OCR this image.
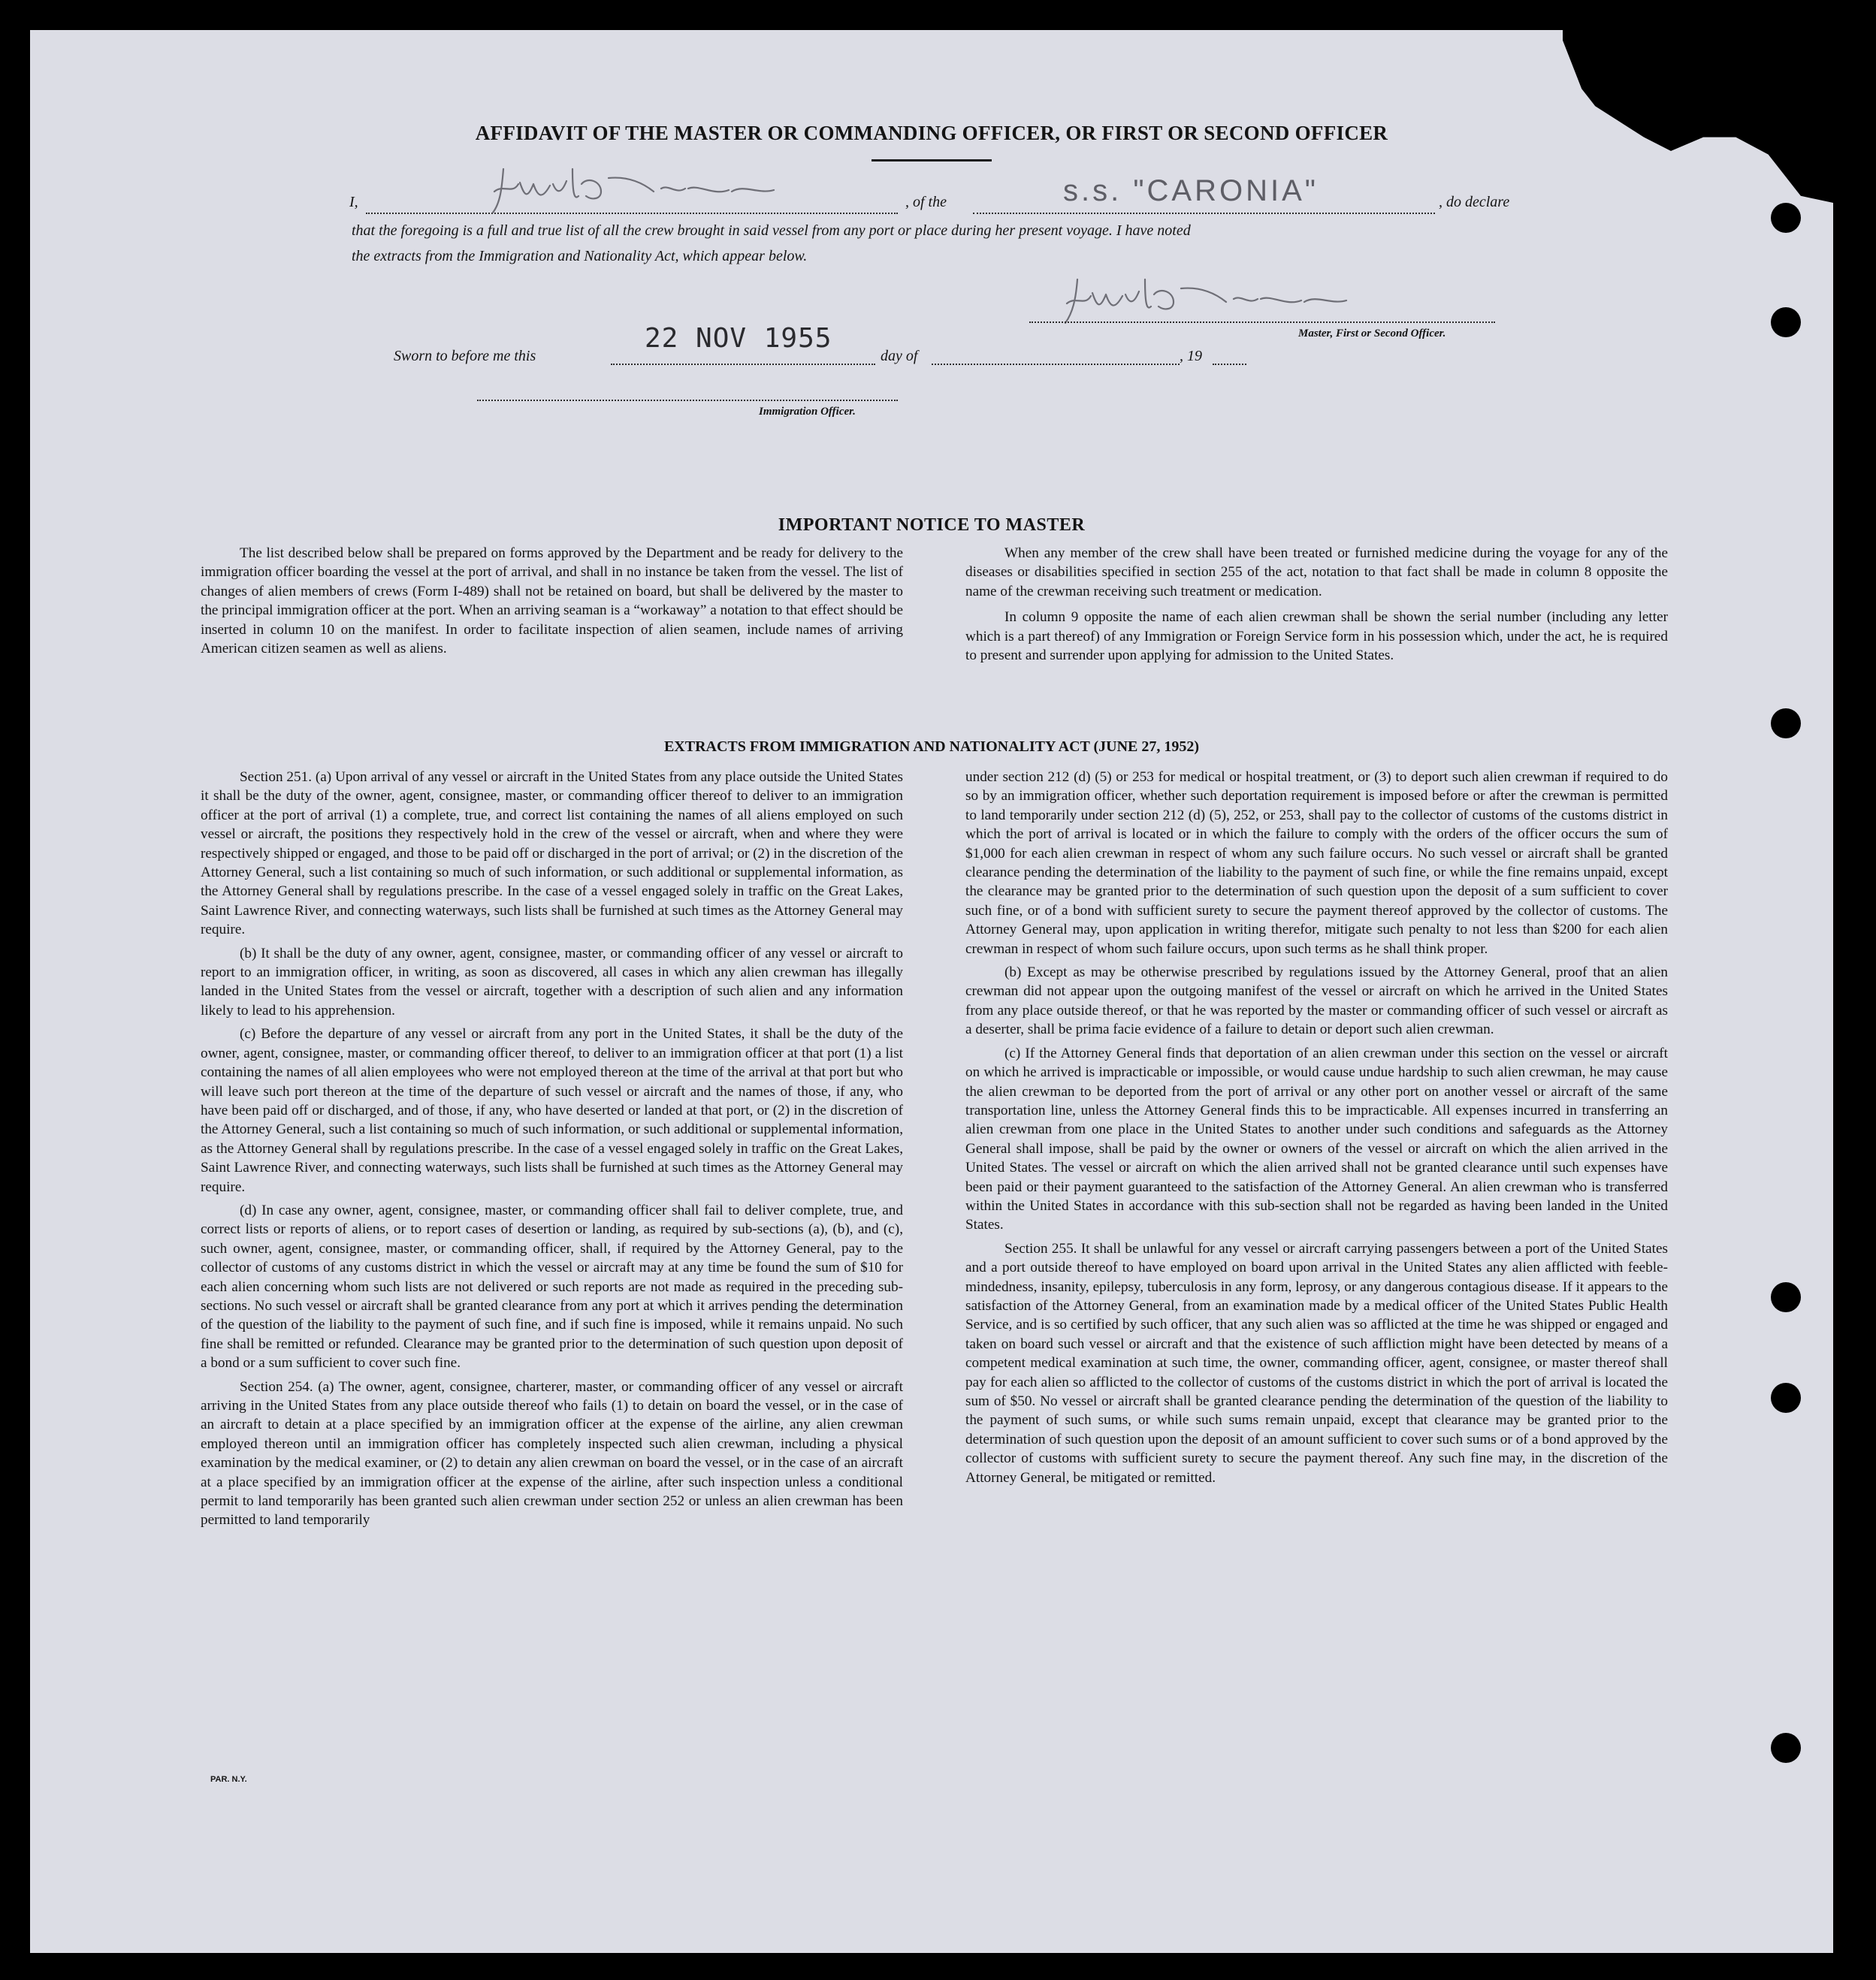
AFFIDAVIT OF THE MASTER OR COMMANDING OFFICER, OR FIRST OR SECOND OFFICER
I,	, of the	s.s. "CARONIA"	, do declare
that the foregoing is a full and true list of all the crew brought in said vessel from any port or place during her present voyage. I have noted
the extracts from the Immigration and Nationality Act, which appear below.
Master, First or Second Officer.
22 NOV 1955
Sworn to before me this	day of	, 19
Immigration Officer.
IMPORTANT NOTICE TO MASTER

The list described below shall be prepared on forms approved by the Department and be ready for delivery to the immigration officer boarding the vessel at the port of arrival, and shall in no instance be taken from the vessel. The list of changes of alien members of crews (Form I-489) shall not be retained on board, but shall be delivered by the master to the principal immigration officer at the port. When an arriving seaman is a “workaway” a notation to that effect should be inserted in column 10 on the manifest. In order to facilitate inspection of alien seamen, include names of arriving American citizen seamen as well as aliens.

When any member of the crew shall have been treated or furnished medicine during the voyage for any of the diseases or disabilities specified in section 255 of the act, notation to that fact shall be made in column 8 opposite the name of the crewman receiving such treatment or medication.

In column 9 opposite the name of each alien crewman shall be shown the serial number (including any letter which is a part thereof) of any Immigration or Foreign Service form in his possession which, under the act, he is required to present and surrender upon applying for admission to the United States.

EXTRACTS FROM IMMIGRATION AND NATIONALITY ACT (JUNE 27, 1952)

Section 251. (a) Upon arrival of any vessel or aircraft in the United States from any place outside the United States it shall be the duty of the owner, agent, consignee, master, or commanding officer thereof to deliver to an immigration officer at the port of arrival (1) a complete, true, and correct list containing the names of all aliens employed on such vessel or aircraft, the positions they respectively hold in the crew of the vessel or aircraft, when and where they were respectively shipped or engaged, and those to be paid off or discharged in the port of arrival; or (2) in the discretion of the Attorney General, such a list containing so much of such information, or such additional or supplemental information, as the Attorney General shall by regulations prescribe. In the case of a vessel engaged solely in traffic on the Great Lakes, Saint Lawrence River, and connecting waterways, such lists shall be furnished at such times as the Attorney General may require.

(b) It shall be the duty of any owner, agent, consignee, master, or commanding officer of any vessel or aircraft to report to an immigration officer, in writing, as soon as discovered, all cases in which any alien crewman has illegally landed in the United States from the vessel or aircraft, together with a description of such alien and any information likely to lead to his apprehension.

(c) Before the departure of any vessel or aircraft from any port in the United States, it shall be the duty of the owner, agent, consignee, master, or commanding officer thereof, to deliver to an immigration officer at that port (1) a list containing the names of all alien employees who were not employed thereon at the time of the arrival at that port but who will leave such port thereon at the time of the departure of such vessel or aircraft and the names of those, if any, who have been paid off or discharged, and of those, if any, who have deserted or landed at that port, or (2) in the discretion of the Attorney General, such a list containing so much of such information, or such additional or supplemental information, as the Attorney General shall by regulations prescribe. In the case of a vessel engaged solely in traffic on the Great Lakes, Saint Lawrence River, and connecting waterways, such lists shall be furnished at such times as the Attorney General may require.

(d) In case any owner, agent, consignee, master, or commanding officer shall fail to deliver complete, true, and correct lists or reports of aliens, or to report cases of desertion or landing, as required by sub-sections (a), (b), and (c), such owner, agent, consignee, master, or commanding officer, shall, if required by the Attorney General, pay to the collector of customs of any customs district in which the vessel or aircraft may at any time be found the sum of $10 for each alien concerning whom such lists are not delivered or such reports are not made as required in the preceding sub-sections. No such vessel or aircraft shall be granted clearance from any port at which it arrives pending the determination of the question of the liability to the payment of such fine, and if such fine is imposed, while it remains unpaid. No such fine shall be remitted or refunded. Clearance may be granted prior to the determination of such question upon deposit of a bond or a sum sufficient to cover such fine.

Section 254. (a) The owner, agent, consignee, charterer, master, or commanding officer of any vessel or aircraft arriving in the United States from any place outside thereof who fails (1) to detain on board the vessel, or in the case of an aircraft to detain at a place specified by an immigration officer at the expense of the airline, any alien crewman employed thereon until an immigration officer has completely inspected such alien crewman, including a physical examination by the medical examiner, or (2) to detain any alien crewman on board the vessel, or in the case of an aircraft at a place specified by an immigration officer at the expense of the airline, after such inspection unless a conditional permit to land temporarily has been granted such alien crewman under section 252 or unless an alien crewman has been permitted to land temporarily

under section 212 (d) (5) or 253 for medical or hospital treatment, or (3) to deport such alien crewman if required to do so by an immigration officer, whether such deportation requirement is imposed before or after the crewman is permitted to land temporarily under section 212 (d) (5), 252, or 253, shall pay to the collector of customs of the customs district in which the port of arrival is located or in which the failure to comply with the orders of the officer occurs the sum of $1,000 for each alien crewman in respect of whom any such failure occurs. No such vessel or aircraft shall be granted clearance pending the determination of the liability to the payment of such fine, or while the fine remains unpaid, except the clearance may be granted prior to the determination of such question upon the deposit of a sum sufficient to cover such fine, or of a bond with sufficient surety to secure the payment thereof approved by the collector of customs. The Attorney General may, upon application in writing therefor, mitigate such penalty to not less than $200 for each alien crewman in respect of whom such failure occurs, upon such terms as he shall think proper.

(b) Except as may be otherwise prescribed by regulations issued by the Attorney General, proof that an alien crewman did not appear upon the outgoing manifest of the vessel or aircraft on which he arrived in the United States from any place outside thereof, or that he was reported by the master or commanding officer of such vessel or aircraft as a deserter, shall be prima facie evidence of a failure to detain or deport such alien crewman.

(c) If the Attorney General finds that deportation of an alien crewman under this section on the vessel or aircraft on which he arrived is impracticable or impossible, or would cause undue hardship to such alien crewman, he may cause the alien crewman to be deported from the port of arrival or any other port on another vessel or aircraft of the same transportation line, unless the Attorney General finds this to be impracticable. All expenses incurred in transferring an alien crewman from one place in the United States to another under such conditions and safeguards as the Attorney General shall impose, shall be paid by the owner or owners of the vessel or aircraft on which the alien arrived in the United States. The vessel or aircraft on which the alien arrived shall not be granted clearance until such expenses have been paid or their payment guaranteed to the satisfaction of the Attorney General. An alien crewman who is transferred within the United States in accordance with this sub-section shall not be regarded as having been landed in the United States.

Section 255. It shall be unlawful for any vessel or aircraft carrying passengers between a port of the United States and a port outside thereof to have employed on board upon arrival in the United States any alien afflicted with feeble-mindedness, insanity, epilepsy, tuberculosis in any form, leprosy, or any dangerous contagious disease. If it appears to the satisfaction of the Attorney General, from an examination made by a medical officer of the United States Public Health Service, and is so certified by such officer, that any such alien was so afflicted at the time he was shipped or engaged and taken on board such vessel or aircraft and that the existence of such affliction might have been detected by means of a competent medical examination at such time, the owner, commanding officer, agent, consignee, or master thereof shall pay for each alien so afflicted to the collector of customs of the customs district in which the port of arrival is located the sum of $50. No vessel or aircraft shall be granted clearance pending the determination of the question of the liability to the payment of such sums, or while such sums remain unpaid, except that clearance may be granted prior to the determination of such question upon the deposit of an amount sufficient to cover such sums or of a bond approved by the collector of customs with sufficient surety to secure the payment thereof. Any such fine may, in the discretion of the Attorney General, be mitigated or remitted.

PAR. N.Y.
